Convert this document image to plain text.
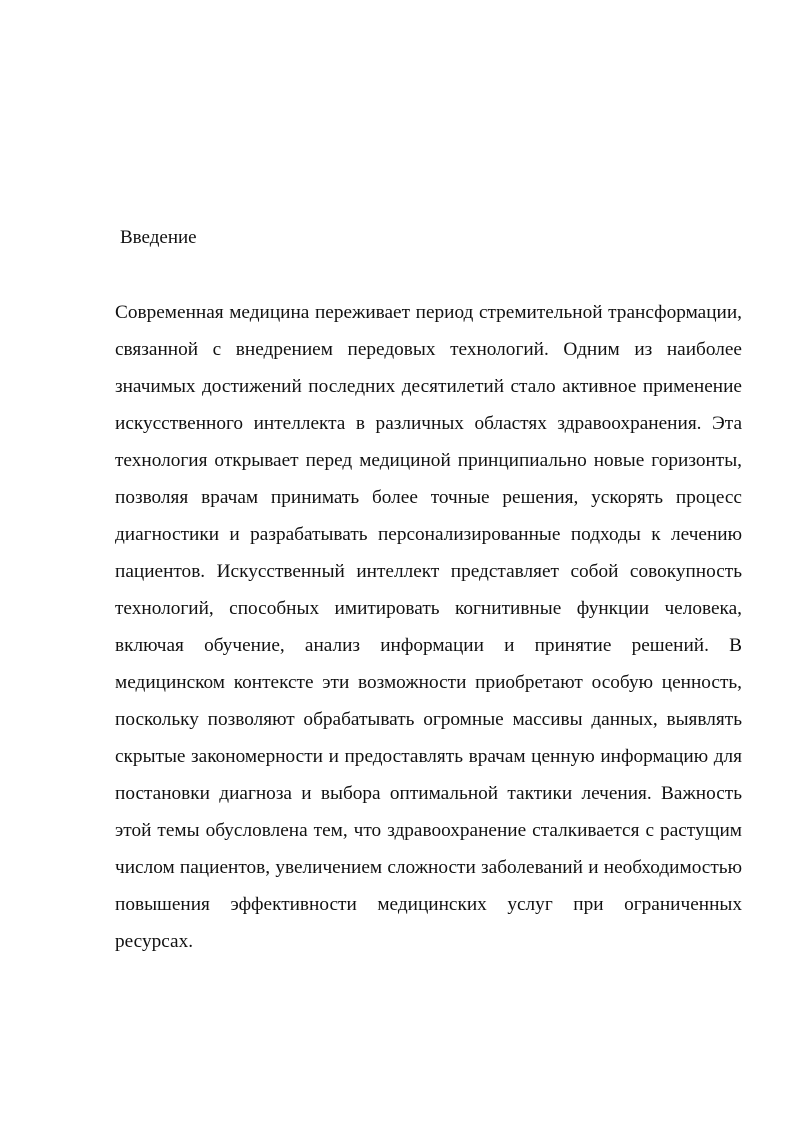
Введение

Современная медицина переживает период стремительной трансформации, связанной с внедрением передовых технологий. Одним из наиболее значимых достижений последних десятилетий стало активное применение искусственного интеллекта в различных областях здравоохранения. Эта технология открывает перед медициной принципиально новые горизонты, позволяя врачам принимать более точные решения, ускорять процесс диагностики и разрабатывать персонализированные подходы к лечению пациентов. Искусственный интеллект представляет собой совокупность технологий, способных имитировать когнитивные функции человека, включая обучение, анализ информации и принятие решений. В медицинском контексте эти возможности приобретают особую ценность, поскольку позволяют обрабатывать огромные массивы данных, выявлять скрытые закономерности и предоставлять врачам ценную информацию для постановки диагноза и выбора оптимальной тактики лечения. Важность этой темы обусловлена тем, что здравоохранение сталкивается с растущим числом пациентов, увеличением сложности заболеваний и необходимостью повышения эффективности медицинских услуг при ограниченных ресурсах.
